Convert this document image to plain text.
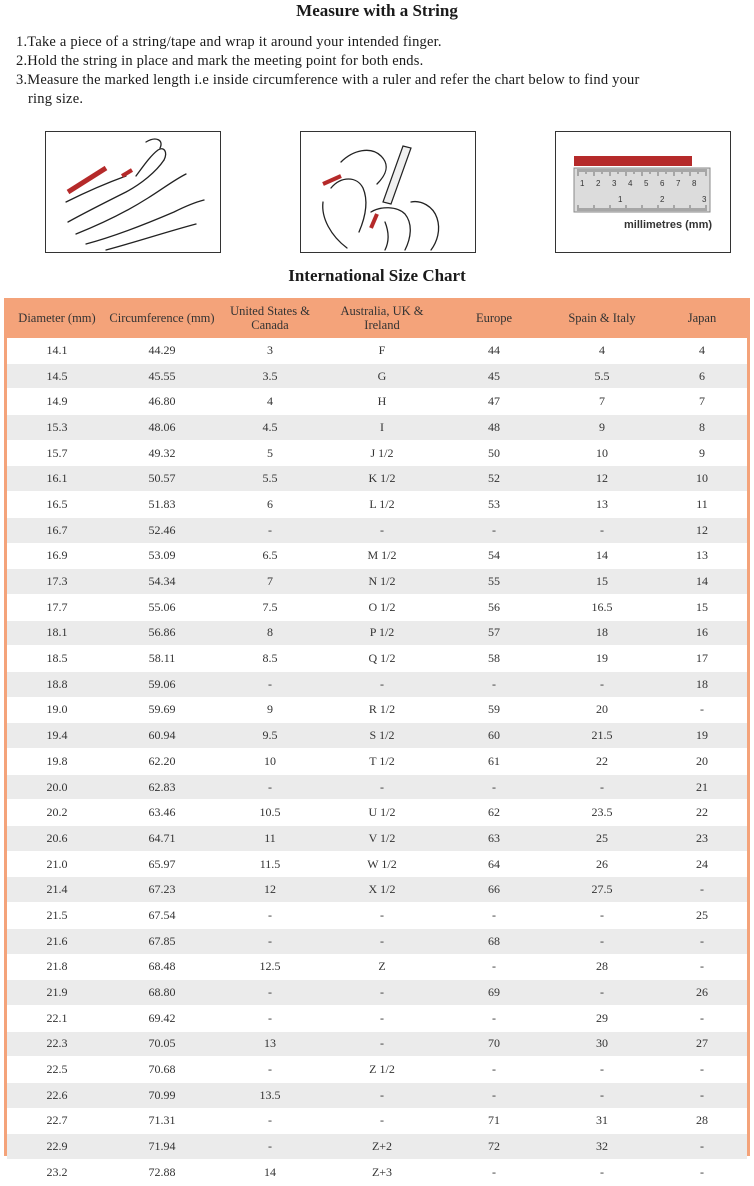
Measure with a String
1.Take a piece of a string/tape and wrap it around your intended finger.
2.Hold the string in place and mark the meeting point for both ends.
3.Measure the marked length i.e inside circumference with a ruler and refer the chart below to find your
ring size.
1 2 3 4 5 6 7 8
1	2	3
millimetres (mm)
International Size Chart
Diameter (mm)	Circumference (mm)	United States & Canada	Australia, UK & Ireland	Europe	Spain & Italy	Japan
14.1	44.29	3	F	44	4	4
14.5	45.55	3.5	G	45	5.5	6
14.9	46.80	4	H	47	7	7
15.3	48.06	4.5	I	48	9	8
15.7	49.32	5	J 1/2	50	10	9
16.1	50.57	5.5	K 1/2	52	12	10
16.5	51.83	6	L 1/2	53	13	11
16.7	52.46	-	-	-	-	12
16.9	53.09	6.5	M 1/2	54	14	13
17.3	54.34	7	N 1/2	55	15	14
17.7	55.06	7.5	O 1/2	56	16.5	15
18.1	56.86	8	P 1/2	57	18	16
18.5	58.11	8.5	Q 1/2	58	19	17
18.8	59.06	-	-	-	-	18
19.0	59.69	9	R 1/2	59	20	-
19.4	60.94	9.5	S 1/2	60	21.5	19
19.8	62.20	10	T 1/2	61	22	20
20.0	62.83	-	-	-	-	21
20.2	63.46	10.5	U 1/2	62	23.5	22
20.6	64.71	11	V 1/2	63	25	23
21.0	65.97	11.5	W 1/2	64	26	24
21.4	67.23	12	X 1/2	66	27.5	-
21.5	67.54	-	-	-	-	25
21.6	67.85	-	-	68	-	-
21.8	68.48	12.5	Z	-	28	-
21.9	68.80	-	-	69	-	26
22.1	69.42	-	-	-	29	-
22.3	70.05	13	-	70	30	27
22.5	70.68	-	Z 1/2	-	-	-
22.6	70.99	13.5	-	-	-	-
22.7	71.31	-	-	71	31	28
22.9	71.94	-	Z+2	72	32	-
23.2	72.88	14	Z+3	-	-	-
